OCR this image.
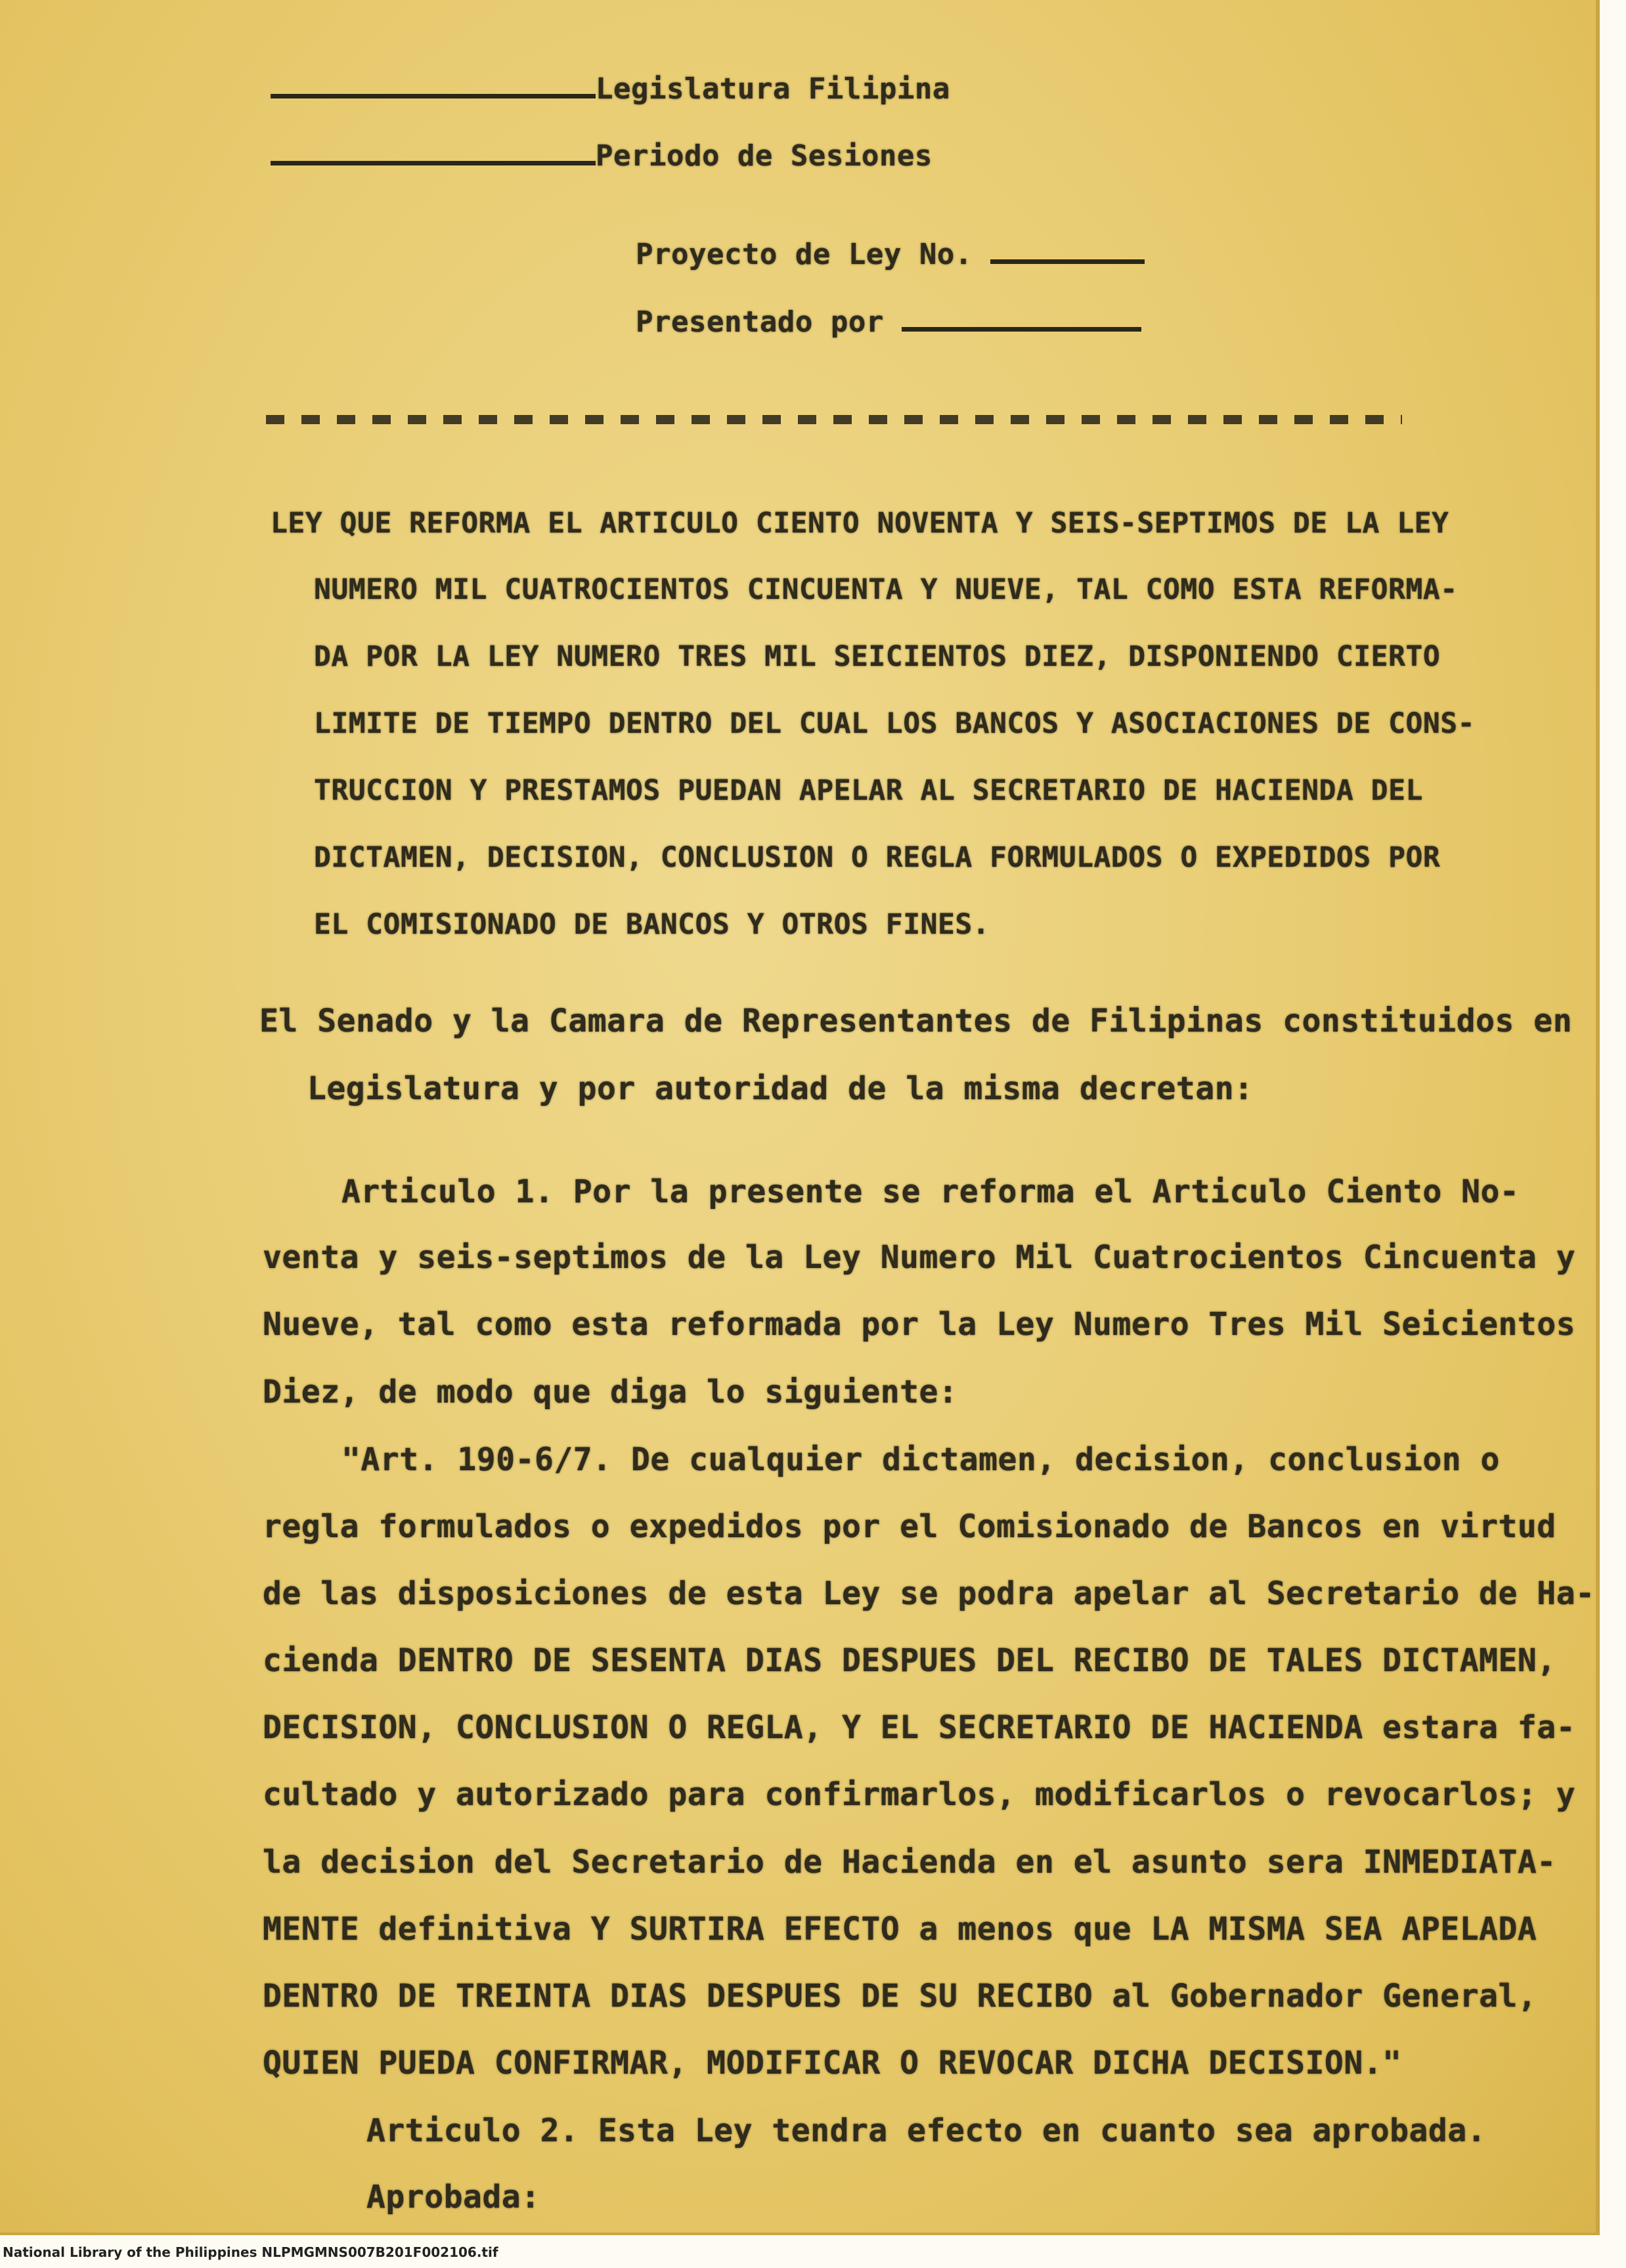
Legislatura Filipina

Periodo de Sesiones

Proyecto de Ley No.

Presentado por

LEY QUE REFORMA EL ARTICULO CIENTO NOVENTA Y SEIS-SEPTIMOS DE LA LEY

NUMERO MIL CUATROCIENTOS CINCUENTA Y NUEVE, TAL COMO ESTA REFORMA-

DA POR LA LEY NUMERO TRES MIL SEICIENTOS DIEZ, DISPONIENDO CIERTO

LIMITE DE TIEMPO DENTRO DEL CUAL LOS BANCOS Y ASOCIACIONES DE CONS-

TRUCCION Y PRESTAMOS PUEDAN APELAR AL SECRETARIO DE HACIENDA DEL

DICTAMEN, DECISION, CONCLUSION O REGLA FORMULADOS O EXPEDIDOS POR

EL COMISIONADO DE BANCOS Y OTROS FINES.

El Senado y la Camara de Representantes de Filipinas constituidos en

Legislatura y por autoridad de la misma decretan:

Articulo 1. Por la presente se reforma el Articulo Ciento No-

venta y seis-septimos de la Ley Numero Mil Cuatrocientos Cincuenta y

Nueve, tal como esta reformada por la Ley Numero Tres Mil Seicientos

Diez, de modo que diga lo siguiente:

"Art. 190-6/7. De cualquier dictamen, decision, conclusion o

regla formulados o expedidos por el Comisionado de Bancos en virtud

de las disposiciones de esta Ley se podra apelar al Secretario de Ha-

cienda DENTRO DE SESENTA DIAS DESPUES DEL RECIBO DE TALES DICTAMEN,

DECISION, CONCLUSION O REGLA, Y EL SECRETARIO DE HACIENDA estara fa-

cultado y autorizado para confirmarlos, modificarlos o revocarlos; y

la decision del Secretario de Hacienda en el asunto sera INMEDIATA-

MENTE definitiva Y SURTIRA EFECTO a menos que LA MISMA SEA APELADA

DENTRO DE TREINTA DIAS DESPUES DE SU RECIBO al Gobernador General,

QUIEN PUEDA CONFIRMAR, MODIFICAR O REVOCAR DICHA DECISION."

Articulo 2. Esta Ley tendra efecto en cuanto sea aprobada.

Aprobada:

National Library of the Philippines NLPMGMNS007B201F002106.tif
